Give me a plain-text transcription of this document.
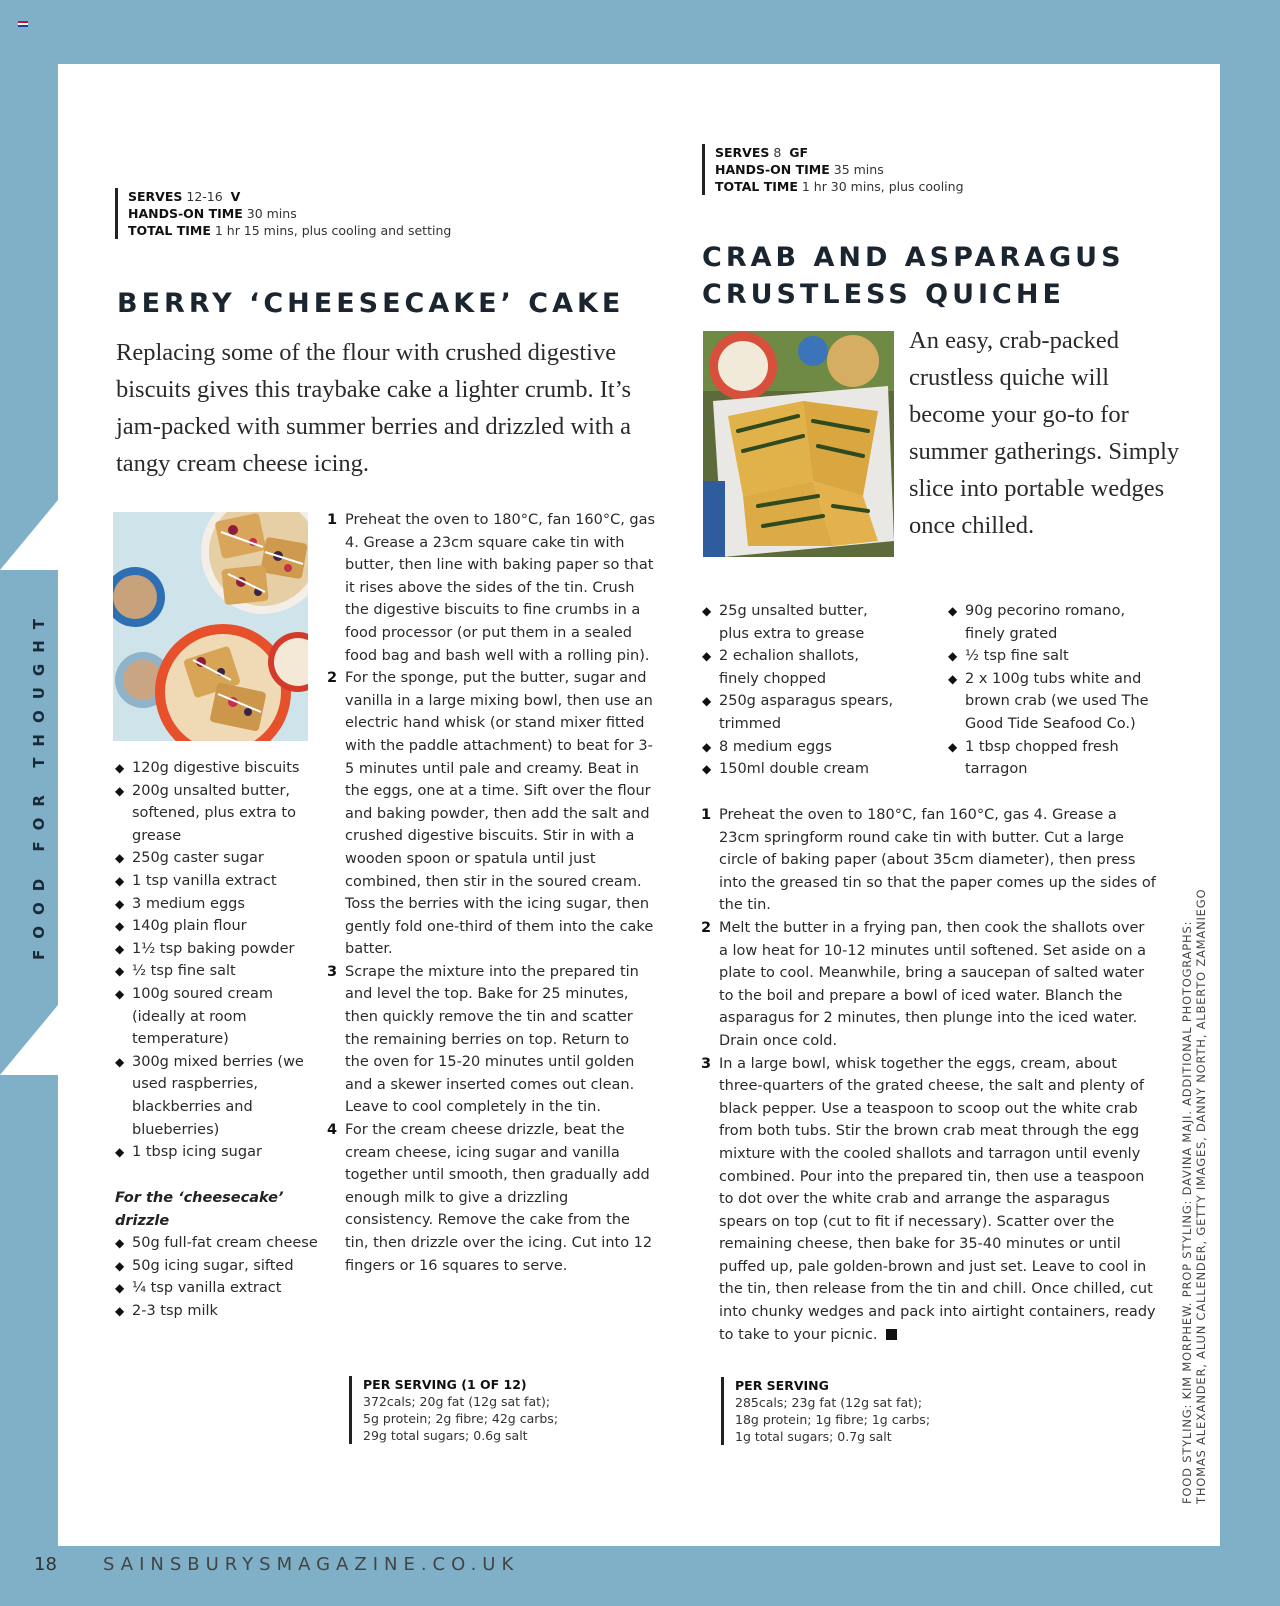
FOOD FOR THOUGHT
SERVES 12-16 V
HANDS-ON TIME 30 mins
TOTAL TIME 1 hr 15 mins, plus cooling and setting
BERRY ‘CHEESECAKE’ CAKE
Replacing some of the flour with crushed digestive biscuits gives this traybake cake a lighter crumb. It’s jam-packed with summer berries and drizzled with a tangy cream cheese icing.
◆ 120g digestive biscuits
◆ 200g unsalted butter, softened, plus extra to grease
◆ 250g caster sugar
◆ 1 tsp vanilla extract
◆ 3 medium eggs
◆ 140g plain flour
◆ 1½ tsp baking powder
◆ ½ tsp fine salt
◆ 100g soured cream (ideally at room temperature)
◆ 300g mixed berries (we used raspberries, blackberries and blueberries)
◆ 1 tbsp icing sugar
For the ‘cheesecake’ drizzle
◆ 50g full-fat cream cheese
◆ 50g icing sugar, sifted
◆ ¼ tsp vanilla extract
◆ 2-3 tsp milk
1 Preheat the oven to 180°C, fan 160°C, gas 4. Grease a 23cm square cake tin with butter, then line with baking paper so that it rises above the sides of the tin. Crush the digestive biscuits to fine crumbs in a food processor (or put them in a sealed food bag and bash well with a rolling pin).
2 For the sponge, put the butter, sugar and vanilla in a large mixing bowl, then use an electric hand whisk (or stand mixer fitted with the paddle attachment) to beat for 3-5 minutes until pale and creamy. Beat in the eggs, one at a time. Sift over the flour and baking powder, then add the salt and crushed digestive biscuits. Stir in with a wooden spoon or spatula until just combined, then stir in the soured cream. Toss the berries with the icing sugar, then gently fold one-third of them into the cake batter.
3 Scrape the mixture into the prepared tin and level the top. Bake for 25 minutes, then quickly remove the tin and scatter the remaining berries on top. Return to the oven for 15-20 minutes until golden and a skewer inserted comes out clean. Leave to cool completely in the tin.
4 For the cream cheese drizzle, beat the cream cheese, icing sugar and vanilla together until smooth, then gradually add enough milk to give a drizzling consistency. Remove the cake from the tin, then drizzle over the icing. Cut into 12 fingers or 16 squares to serve.
PER SERVING (1 OF 12)
372cals; 20g fat (12g sat fat);
5g protein; 2g fibre; 42g carbs;
29g total sugars; 0.6g salt
SERVES 8 GF
HANDS-ON TIME 35 mins
TOTAL TIME 1 hr 30 mins, plus cooling
CRAB AND ASPARAGUS
CRUSTLESS QUICHE
An easy, crab-packed crustless quiche will become your go-to for summer gatherings. Simply slice into portable wedges once chilled.
◆ 25g unsalted butter, plus extra to grease
◆ 2 echalion shallots, finely chopped
◆ 250g asparagus spears, trimmed
◆ 8 medium eggs
◆ 150ml double cream
◆ 90g pecorino romano, finely grated
◆ ½ tsp fine salt
◆ 2 x 100g tubs white and brown crab (we used The Good Tide Seafood Co.)
◆ 1 tbsp chopped fresh tarragon
1 Preheat the oven to 180°C, fan 160°C, gas 4. Grease a 23cm springform round cake tin with butter. Cut a large circle of baking paper (about 35cm diameter), then press into the greased tin so that the paper comes up the sides of the tin.
2 Melt the butter in a frying pan, then cook the shallots over a low heat for 10-12 minutes until softened. Set aside on a plate to cool. Meanwhile, bring a saucepan of salted water to the boil and prepare a bowl of iced water. Blanch the asparagus for 2 minutes, then plunge into the iced water. Drain once cold.
3 In a large bowl, whisk together the eggs, cream, about three-quarters of the grated cheese, the salt and plenty of black pepper. Use a teaspoon to scoop out the white crab from both tubs. Stir the brown crab meat through the egg mixture with the cooled shallots and tarragon until evenly combined. Pour into the prepared tin, then use a teaspoon to dot over the white crab and arrange the asparagus spears on top (cut to fit if necessary). Scatter over the remaining cheese, then bake for 35-40 minutes or until puffed up, pale golden-brown and just set. Leave to cool in the tin, then release from the tin and chill. Once chilled, cut into chunky wedges and pack into airtight containers, ready to take to your picnic.
PER SERVING
285cals; 23g fat (12g sat fat);
18g protein; 1g fibre; 1g carbs;
1g total sugars; 0.7g salt	FOOD STYLING: KIM MORPHEW. PROP STYLING: DAVINA MAJI. ADDITIONAL PHOTOGRAPHS: THOMAS ALEXANDER, ALUN CALLENDER, GETTY IMAGES, DANNY NORTH, ALBERTO ZAMANIEGO
18	SAINSBURYSMAGAZINE.CO.UK
